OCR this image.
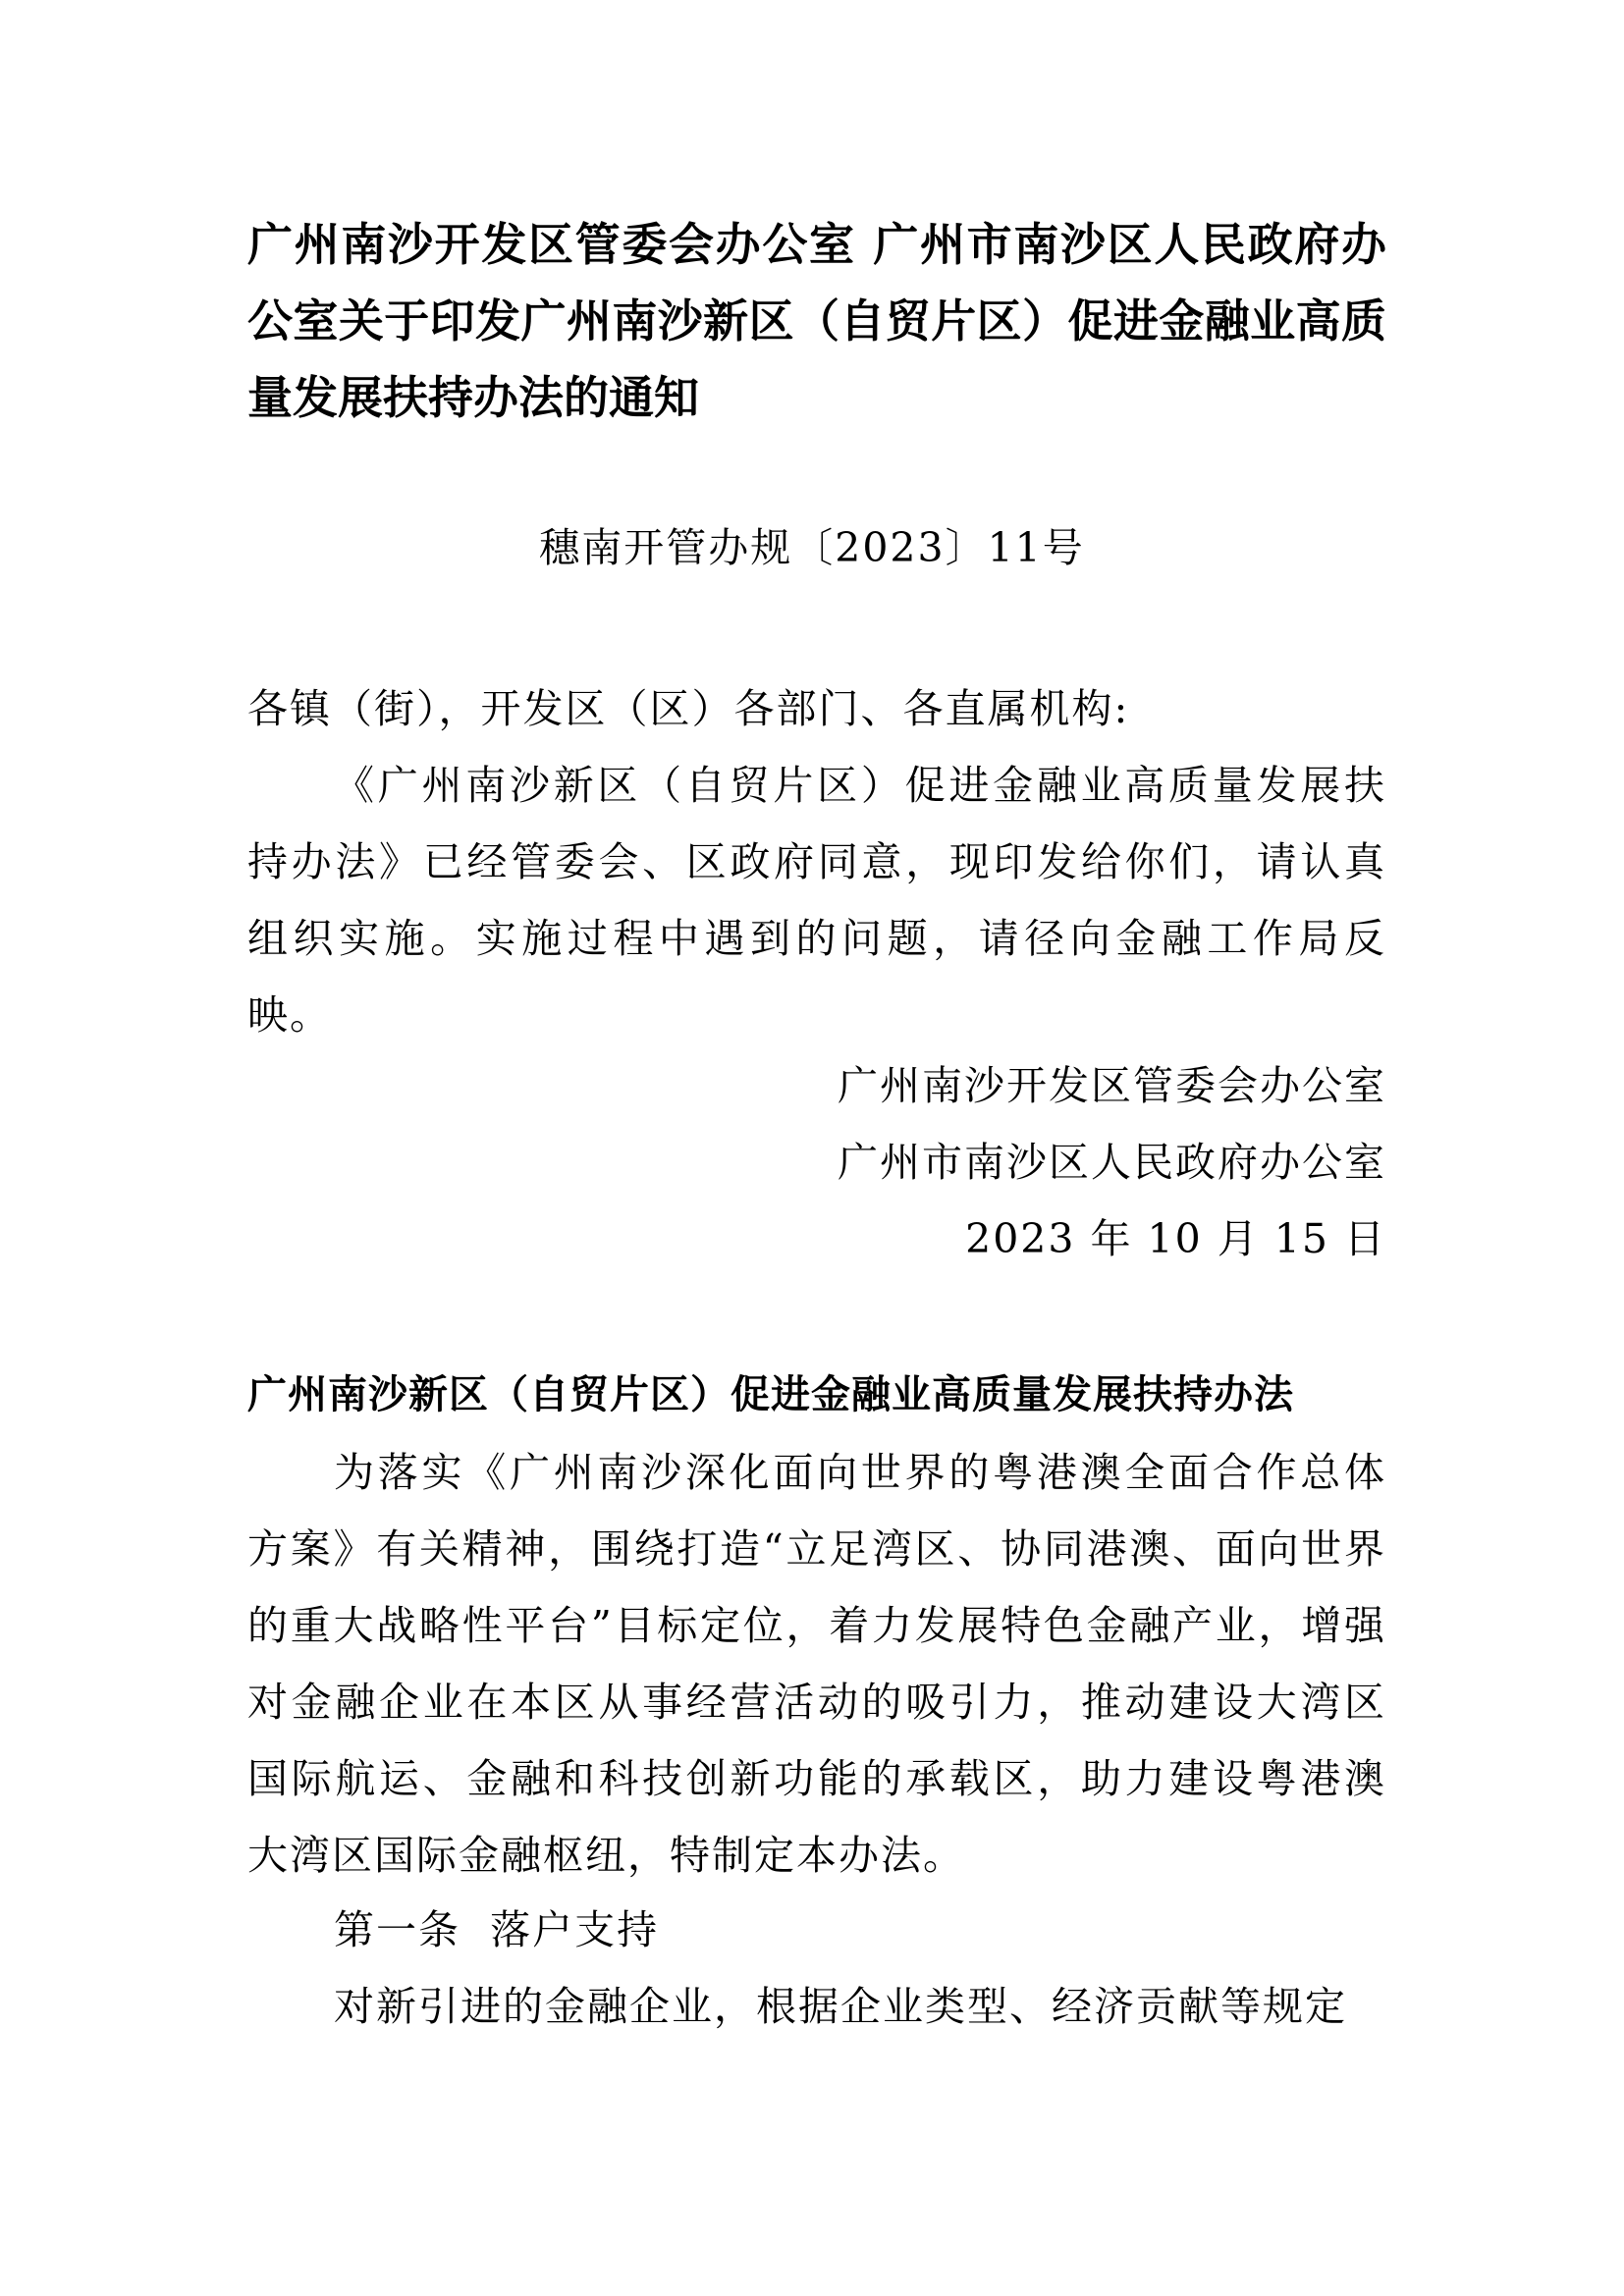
广州南沙开发区管委会办公室 广州市南沙区人民政府办公室关于印发广州南沙新区（自贸片区）促进金融业高质量发展扶持办法的通知
穗南开管办规〔2023〕11号
各镇（街），开发区（区）各部门、各直属机构:
《广州南沙新区（自贸片区）促进金融业高质量发展扶持办法》已经管委会、区政府同意，现印发给你们，请认真组织实施。实施过程中遇到的问题，请径向金融工作局反映。
广州南沙开发区管委会办公室
广州市南沙区人民政府办公室
2023 年 10 月 15 日
广州南沙新区（自贸片区）促进金融业高质量发展扶持办法
为落实《广州南沙深化面向世界的粤港澳全面合作总体方案》有关精神，围绕打造“立足湾区、协同港澳、面向世界的重大战略性平台”目标定位，着力发展特色金融产业，增强对金融企业在本区从事经营活动的吸引力，推动建设大湾区国际航运、金融和科技创新功能的承载区，助力建设粤港澳大湾区国际金融枢纽，特制定本办法。
第一条  落户支持
对新引进的金融企业，根据企业类型、经济贡献等规定
